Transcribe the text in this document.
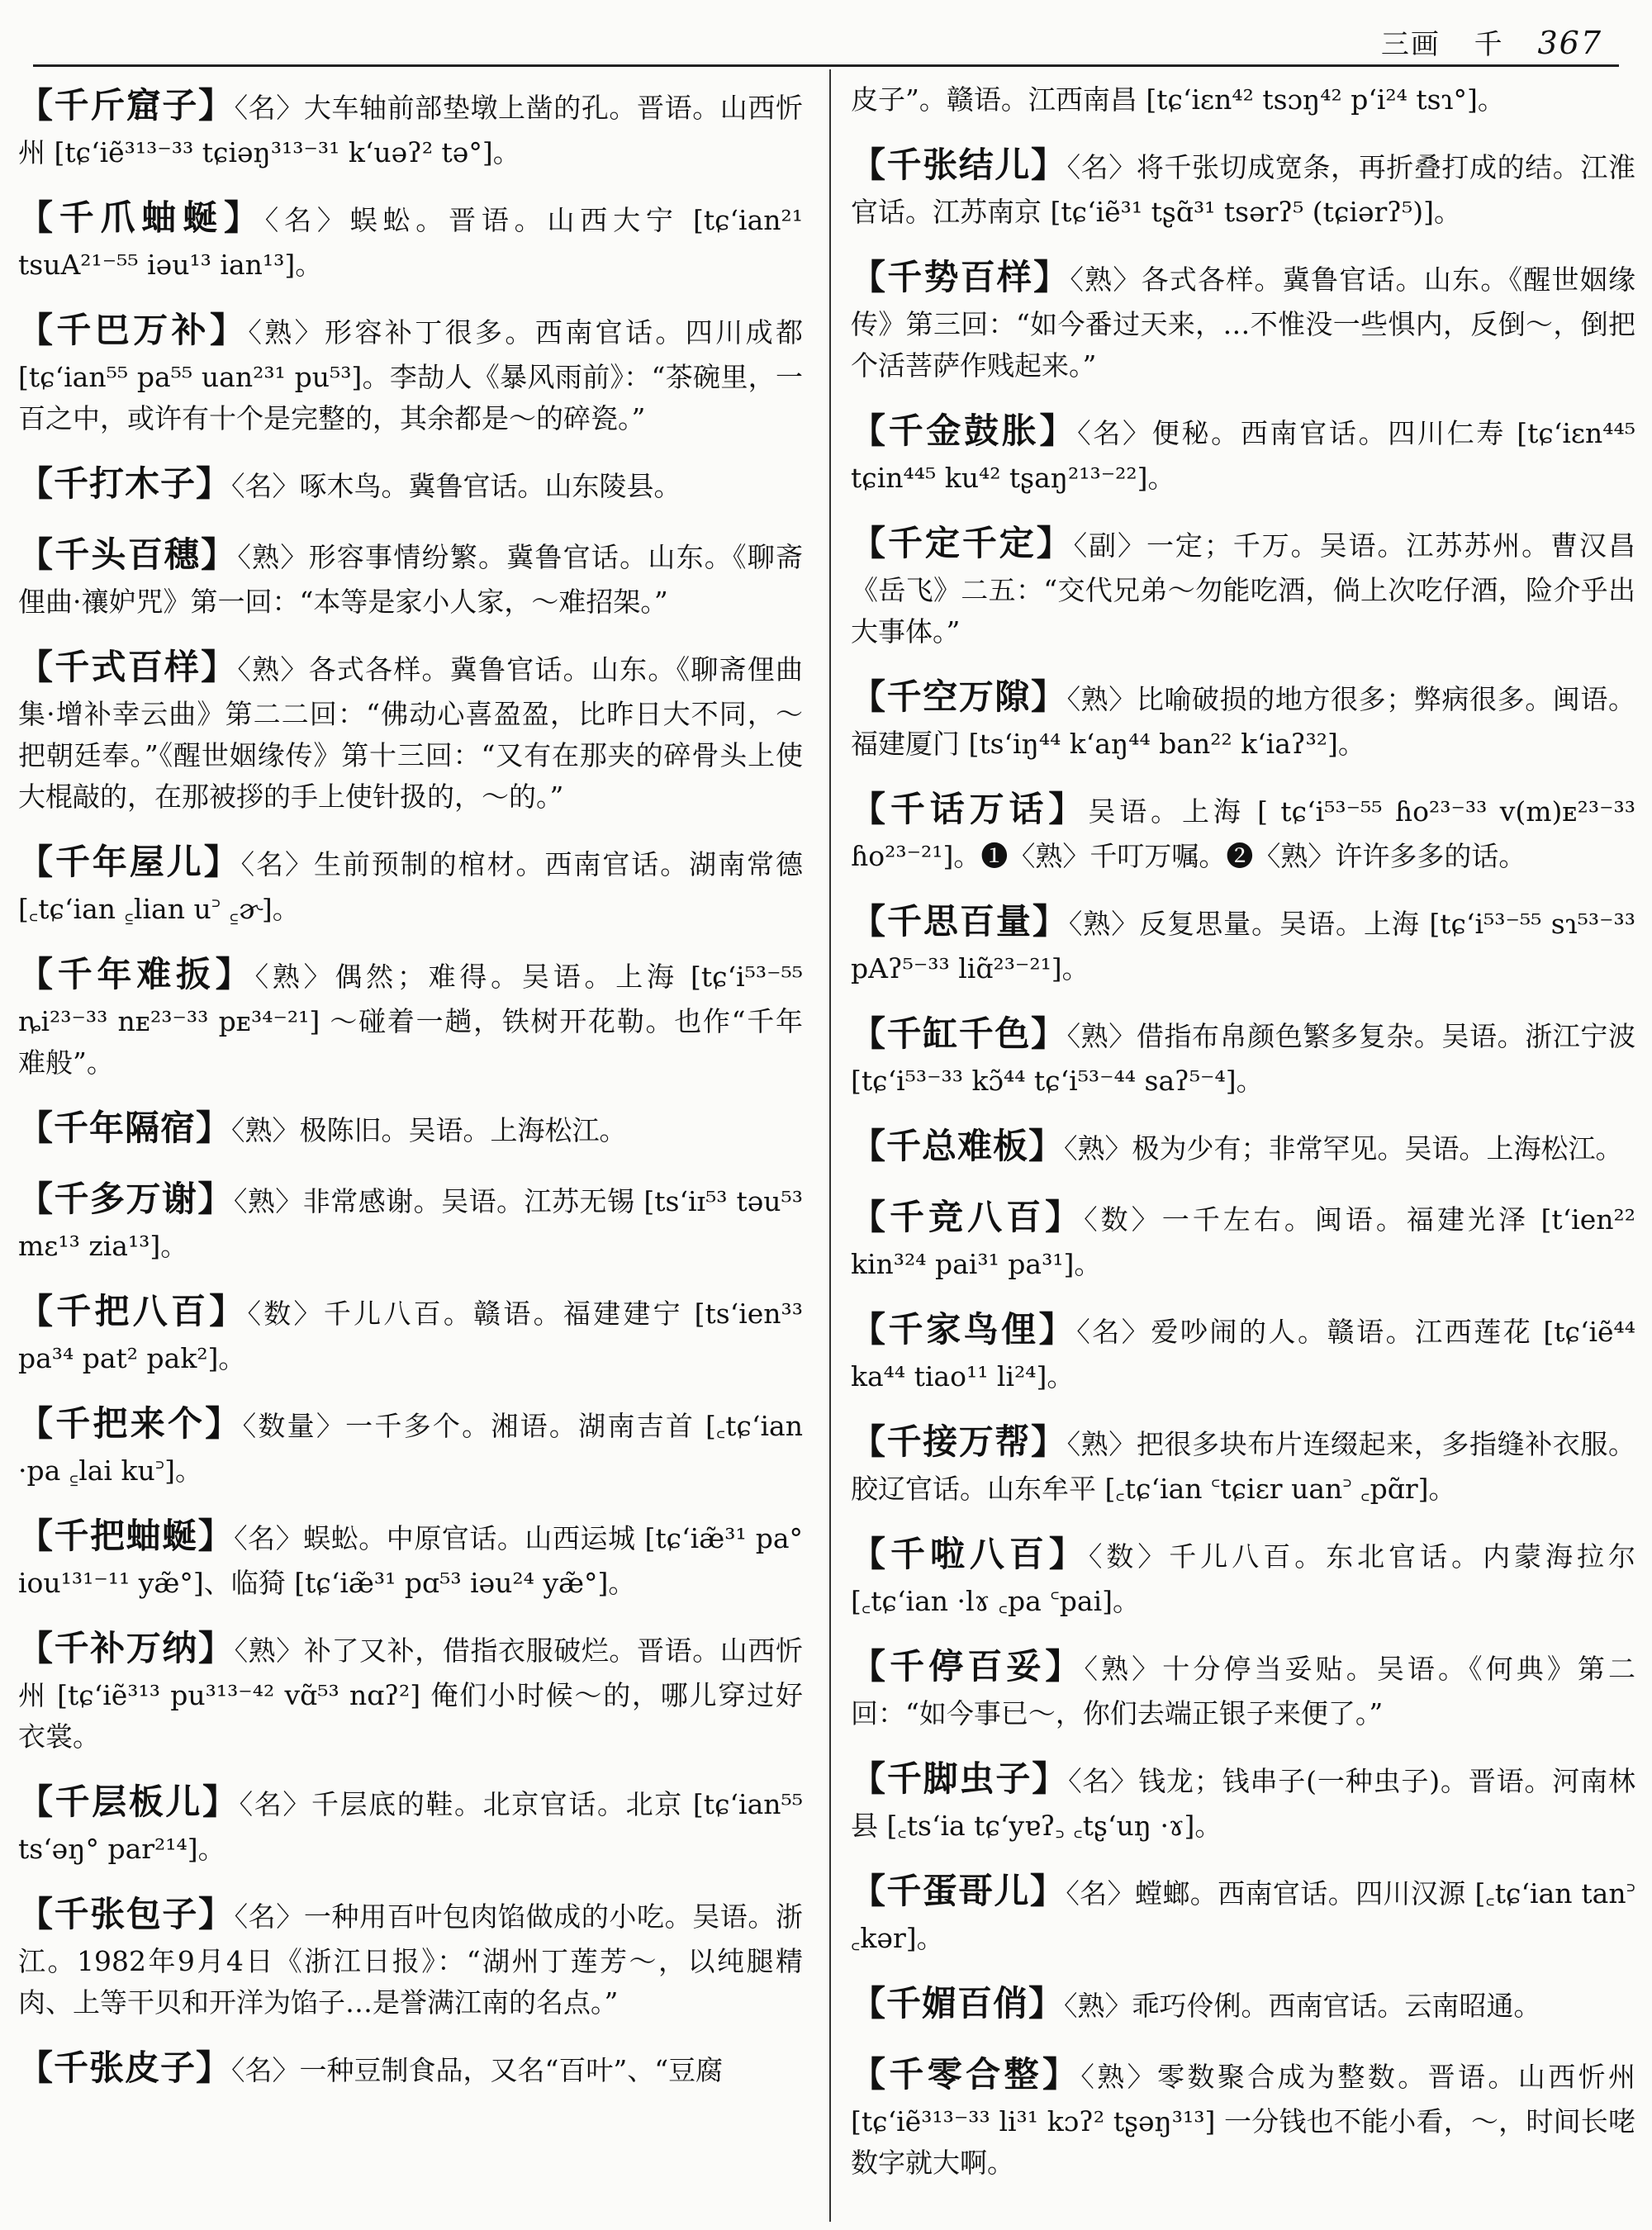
三画 千 367
【千斤窟子】〈名〉大车轴前部垫墩上凿的孔。晋语。山西忻州 [tɕʻiẽ³¹³⁻³³ tɕiəŋ³¹³⁻³¹ kʻuəʔ² tə°]。
【千爪蚰蜒】〈名〉蜈蚣。晋语。山西大宁 [tɕʻian²¹ tsuA²¹⁻⁵⁵ iəu¹³ ian¹³]。
【千巴万补】〈熟〉形容补丁很多。西南官话。四川成都 [tɕʻian⁵⁵ pa⁵⁵ uan²³¹ pu⁵³]。李劼人《暴风雨前》：“茶碗里，一百之中，或许有十个是完整的，其余都是～的碎瓷。”
【千打木子】〈名〉啄木鸟。冀鲁官话。山东陵县。
【千头百穗】〈熟〉形容事情纷繁。冀鲁官话。山东。《聊斋俚曲·禳妒咒》第一回：“本等是家小人家，～难招架。”
【千式百样】〈熟〉各式各样。冀鲁官话。山东。《聊斋俚曲集·增补幸云曲》第二二回：“佛动心喜盈盈，比昨日大不同，～把朝廷奉。”《醒世姻缘传》第十三回：“又有在那夹的碎骨头上使大棍敲的，在那被拶的手上使针扱的，～的。”
【千年屋儿】〈名〉生前预制的棺材。西南官话。湖南常德 [꜀tɕʻian ꜁lian u꜄ ꜁ɚ]。
【千年难扳】〈熟〉偶然；难得。吴语。上海 [tɕʻi⁵³⁻⁵⁵ ȵi²³⁻³³ nᴇ²³⁻³³ pᴇ³⁴⁻²¹] ～碰着一趟，铁树开花勒。也作“千年难般”。
【千年隔宿】〈熟〉极陈旧。吴语。上海松江。
【千多万谢】〈熟〉非常感谢。吴语。江苏无锡 [tsʻiɪ⁵³ təu⁵³ mɛ¹³ zia¹³]。
【千把八百】〈数〉千儿八百。赣语。福建建宁 [tsʻien³³ pa³⁴ pat² pak²]。
【千把来个】〈数量〉一千多个。湘语。湖南吉首 [꜀tɕʻian ·pa ꜁lai ku꜄]。
【千把蚰蜒】〈名〉蜈蚣。中原官话。山西运城 [tɕʻiæ̃³¹ pa° iou¹³¹⁻¹¹ yæ̃°]、临猗 [tɕʻiæ̃³¹ pɑ⁵³ iəu²⁴ yæ̃°]。
【千补万纳】〈熟〉补了又补，借指衣服破烂。晋语。山西忻州 [tɕʻiẽ³¹³ pu³¹³⁻⁴² vɑ̃⁵³ nɑʔ²] 俺们小时候～的，哪儿穿过好衣裳。
【千层板儿】〈名〉千层底的鞋。北京官话。北京 [tɕʻian⁵⁵ tsʻəŋ° par²¹⁴]。
【千张包子】〈名〉一种用百叶包肉馅做成的小吃。吴语。浙江。1982年9月4日《浙江日报》：“湖州丁莲芳～，以纯腿精肉、上等干贝和开洋为馅子…是誉满江南的名点。”
【千张皮子】〈名〉一种豆制食品，又名“百叶”、“豆腐
皮子”。赣语。江西南昌 [tɕʻiɛn⁴² tsɔŋ⁴² pʻi²⁴ tsɿ°]。
【千张结儿】〈名〉将千张切成宽条，再折叠打成的结。江淮官话。江苏南京 [tɕʻiẽ³¹ tʂɑ̃³¹ tsərʔ⁵ (tɕiərʔ⁵)]。
【千势百样】〈熟〉各式各样。冀鲁官话。山东。《醒世姻缘传》第三回：“如今番过天来，…不惟没一些惧内，反倒～，倒把个活菩萨作贱起来。”
【千金鼓胀】〈名〉便秘。西南官话。四川仁寿 [tɕʻiɛn⁴⁴⁵ tɕin⁴⁴⁵ ku⁴² tʂaŋ²¹³⁻²²]。
【千定千定】〈副〉一定；千万。吴语。江苏苏州。曹汉昌《岳飞》二五：“交代兄弟～勿能吃酒，倘上次吃仔酒，险介乎出大事体。”
【千空万隙】〈熟〉比喻破损的地方很多；弊病很多。闽语。福建厦门 [tsʻiŋ⁴⁴ kʻaŋ⁴⁴ ban²² kʻiaʔ³²]。
【千话万话】吴语。上海 [ tɕʻi⁵³⁻⁵⁵ ɦo²³⁻³³ v(m)ᴇ²³⁻³³ ɦo²³⁻²¹]。❶〈熟〉千叮万嘱。❷〈熟〉许许多多的话。
【千思百量】〈熟〉反复思量。吴语。上海 [tɕʻi⁵³⁻⁵⁵ sɿ⁵³⁻³³ pAʔ⁵⁻³³ liɑ̃²³⁻²¹]。
【千缸千色】〈熟〉借指布帛颜色繁多复杂。吴语。浙江宁波 [tɕʻi⁵³⁻³³ kɔ̃⁴⁴ tɕʻi⁵³⁻⁴⁴ saʔ⁵⁻⁴]。
【千总难板】〈熟〉极为少有；非常罕见。吴语。上海松江。
【千竞八百】〈数〉一千左右。闽语。福建光泽 [tʻien²² kin³²⁴ pai³¹ pa³¹]。
【千家鸟俚】〈名〉爱吵闹的人。赣语。江西莲花 [tɕʻiẽ⁴⁴ ka⁴⁴ tiao¹¹ li²⁴]。
【千接万帮】〈熟〉把很多块布片连缀起来，多指缝补衣服。胶辽官话。山东牟平 [꜀tɕʻian ꜂tɕiɛr uan꜄ ꜀pɑ̃r]。
【千啦八百】〈数〉千儿八百。东北官话。内蒙海拉尔 [꜀tɕʻian ·lɤ ꜀pa ꜂pai]。
【千停百妥】〈熟〉十分停当妥贴。吴语。《何典》第二回：“如今事已～，你们去端正银子来便了。”
【千脚虫子】〈名〉钱龙；钱串子(一种虫子)。晋语。河南林县 [꜀tsʻia tɕʻyɐʔ꜆ ꜀tʂʻuŋ ·ɤ]。
【千蛋哥儿】〈名〉螳螂。西南官话。四川汉源 [꜀tɕʻian tan꜄ ꜀kər]。
【千媚百俏】〈熟〉乖巧伶俐。西南官话。云南昭通。
【千零合整】〈熟〉零数聚合成为整数。晋语。山西忻州 [tɕʻiẽ³¹³⁻³³ li³¹ kɔʔ² tʂəŋ³¹³] 一分钱也不能小看，～，时间长咾数字就大啊。
